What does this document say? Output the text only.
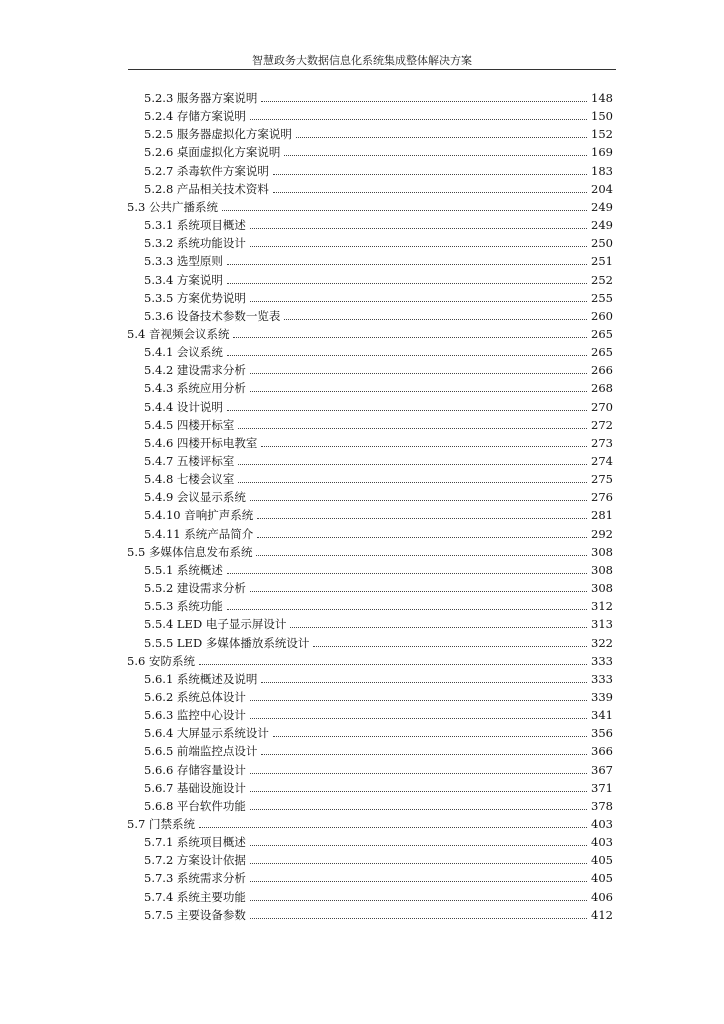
智慧政务大数据信息化系统集成整体解决方案
5.2.3 服务器方案说明	148
5.2.4 存储方案说明	150
5.2.5 服务器虚拟化方案说明	152
5.2.6 桌面虚拟化方案说明	169
5.2.7 杀毒软件方案说明	183
5.2.8 产品相关技术资料	204
5.3 公共广播系统	249
5.3.1 系统项目概述	249
5.3.2 系统功能设计	250
5.3.3 选型原则	251
5.3.4 方案说明	252
5.3.5 方案优势说明	255
5.3.6 设备技术参数一览表	260
5.4 音视频会议系统	265
5.4.1 会议系统	265
5.4.2 建设需求分析	266
5.4.3 系统应用分析	268
5.4.4 设计说明	270
5.4.5 四楼开标室	272
5.4.6 四楼开标电教室	273
5.4.7 五楼评标室	274
5.4.8 七楼会议室	275
5.4.9 会议显示系统	276
5.4.10 音响扩声系统	281
5.4.11 系统产品简介	292
5.5 多媒体信息发布系统	308
5.5.1 系统概述	308
5.5.2 建设需求分析	308
5.5.3 系统功能	312
5.5.4 LED 电子显示屏设计	313
5.5.5 LED 多媒体播放系统设计	322
5.6 安防系统	333
5.6.1 系统概述及说明	333
5.6.2 系统总体设计	339
5.6.3 监控中心设计	341
5.6.4 大屏显示系统设计	356
5.6.5 前端监控点设计	366
5.6.6 存储容量设计	367
5.6.7 基础设施设计	371
5.6.8 平台软件功能	378
5.7 门禁系统	403
5.7.1 系统项目概述	403
5.7.2 方案设计依据	405
5.7.3 系统需求分析	405
5.7.4 系统主要功能	406
5.7.5 主要设备参数	412
